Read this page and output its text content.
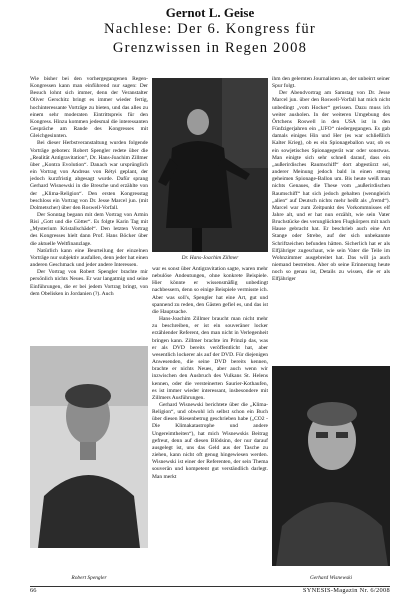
Gernot L. Geise
Nachlese: Der 6. Kongress für
Grenzwissen in Regen 2008

Wie bisher bei den vorhergegangenen Regen-Kongressen kann man einführend nur sagen: Der Besuch lohnt sich immer, denn der Veranstalter Oliver Gerschitz bringt es immer wieder fertig, hochinteressante Vorträge zu bieten, und das alles zu einem sehr moderaten Eintrittspreis für den Kongress. Hinzu kommen jedesmal die interessanten Gespräche am Rande des Kongresses mit Gleichgesinnten.

Bei dieser Herbstveranstaltung wurden folgende Vorträge geboten: Robert Spengler redete über die „Realität Antigravitation“, Dr. Hans-Joachim Zillmer über „Kontra Evolution“. Danach war ursprünglich ein Vortrag von Andreas von Rétyi geplant, der jedoch kurzfristig abgesagt wurde. Dafür sprang Gerhard Wisnewski in die Bresche und erzählte von der „Klima-Religion“. Den ersten Kongresstag beschloss ein Vortrag von Dr. Jesse Marcel jun. (mit Dolmetscher) über den Roswell-Vorfall.

Der Sonntag begann mit dem Vortrag von Armin Risi „Gott und die Götter“. Es folgte Karin Tag mit „Mysterium Kristallschädel“. Den letzten Vortrag des Kongresses hielt dann Prof. Hans Böcker über die aktuelle Weltfinanzlage.

Natürlich kann eine Beurteilung der einzelnen Vorträge nur subjektiv ausfallen, denn jeder hat einen anderen Geschmack und jeder andere Interessen.

Der Vortrag von Robert Spengler brachte mir persönlich nichts Neues. Er war langatmig und seine Einführungen, die er bei jedem Vortrag bringt, von dem Obelisken in Jordanien (?). Auch

Dr. Hans-Joachim Zillmer

war es sonst über Antigravitation sagte, waren mehr nebulöse Andeutungen, ohne konkrete Beispiele. Hier könnte er wissensmäßig unbedingt nachbessern, denn so einige Beispiele vermisste ich. Aber was soll's, Spengler hat eine Art, gut und spannend zu reden, den Gästen gefiel es, und das ist die Hauptsache.

Hans-Joachim Zillmer braucht man nicht mehr zu beschreiben, er ist ein souveräner locker erzählender Referent, den man nicht in Verlegenheit bringen kann. Zillmer brachte im Prinzip das, was er als DVD bereits veröffentlicht hat, aber wesentlich lockerer als auf der DVD. Für diejenigen Anwesenden, die seine DVD bereits kennen, brachte er nichts Neues, aber auch wenn wir inzwischen den Ausbruch des Vulkans St. Helens kennen, oder die versteinerten Saurier-Kothaufen, es ist immer wieder interessant, insbesondere mit Zillmers Ausführungen.

Gerhard Wisnewski berichtete über die „Klima-Religion“, und obwohl ich selbst schon ein Buch über diesen Riesenbetrug geschrieben habe („CO2 - Die Klimakatastrophe und andere Ungereimtheiten“), hat mich Wisnewskis Beitrag gefreut, denn auf diesen Blödsinn, der nur darauf ausgelegt ist, uns das Geld aus der Tasche zu ziehen, kann nicht oft genug hingewiesen werden. Wisnewski ist einer der Referenten, der sein Thema souverän und kompetent gut verständlich darlegt. Man merkt

ihm den gelernten Journalisten an, der unbeirrt seiner Spur folgt.

Der Abendvortrag am Samstag von Dr. Jesse Marcel jun. über den Roswell-Vorfall hat mich nicht unbedingt „vom Hocker“ gerissen. Dazu muss ich weiter ausholen. In der weiteren Umgebung des Örtchens Roswell in den USA ist in den Fünfzigerjahren ein „UFO“ niedergegangen. Es gab damals einiges Hin und Her (es war schließlich Kalter Krieg), ob es ein Spionageballon war, ob es ein sowjetisches Spionagegerät war oder sonstwas. Man einigte sich sehr schnell darauf, dass ein „außerirdisches Raumschiff“ dort abgestürzt sei, anderer Meinung jedoch bald in einen streng geheimen Spionage-Ballon um. Bis heute weiß man nichts Genaues, die These vom „außerirdischen Raumschiff“ hat sich jedoch gehalten (wenngleich „alien“ auf Deutsch nichts mehr heißt als „fremd“). Marcel war zum Zeitpunkt des Vorkommnisses elf Jahre alt, und er hat nun erzählt, wie sein Vater Bruchstücke des verunglückten Flugkörpers mit nach Hause gebracht hat. Er beschrieb auch eine Art Stange oder Strebe, auf der sich unbekannte Schriftzeichen befunden hätten. Sicherlich hat er als Elfjähriger zugeschaut, wie sein Vater die Teile im Wohnzimmer ausgebreitet hat. Das will ja auch niemand bestreiten. Aber ob seine Erinnerung heute noch so genau ist, Details zu wissen, die er als Elfjähriger

Robert Spengler	Gerhard Wisnewski
66	SYNESIS-Magazin Nr. 6/2008
